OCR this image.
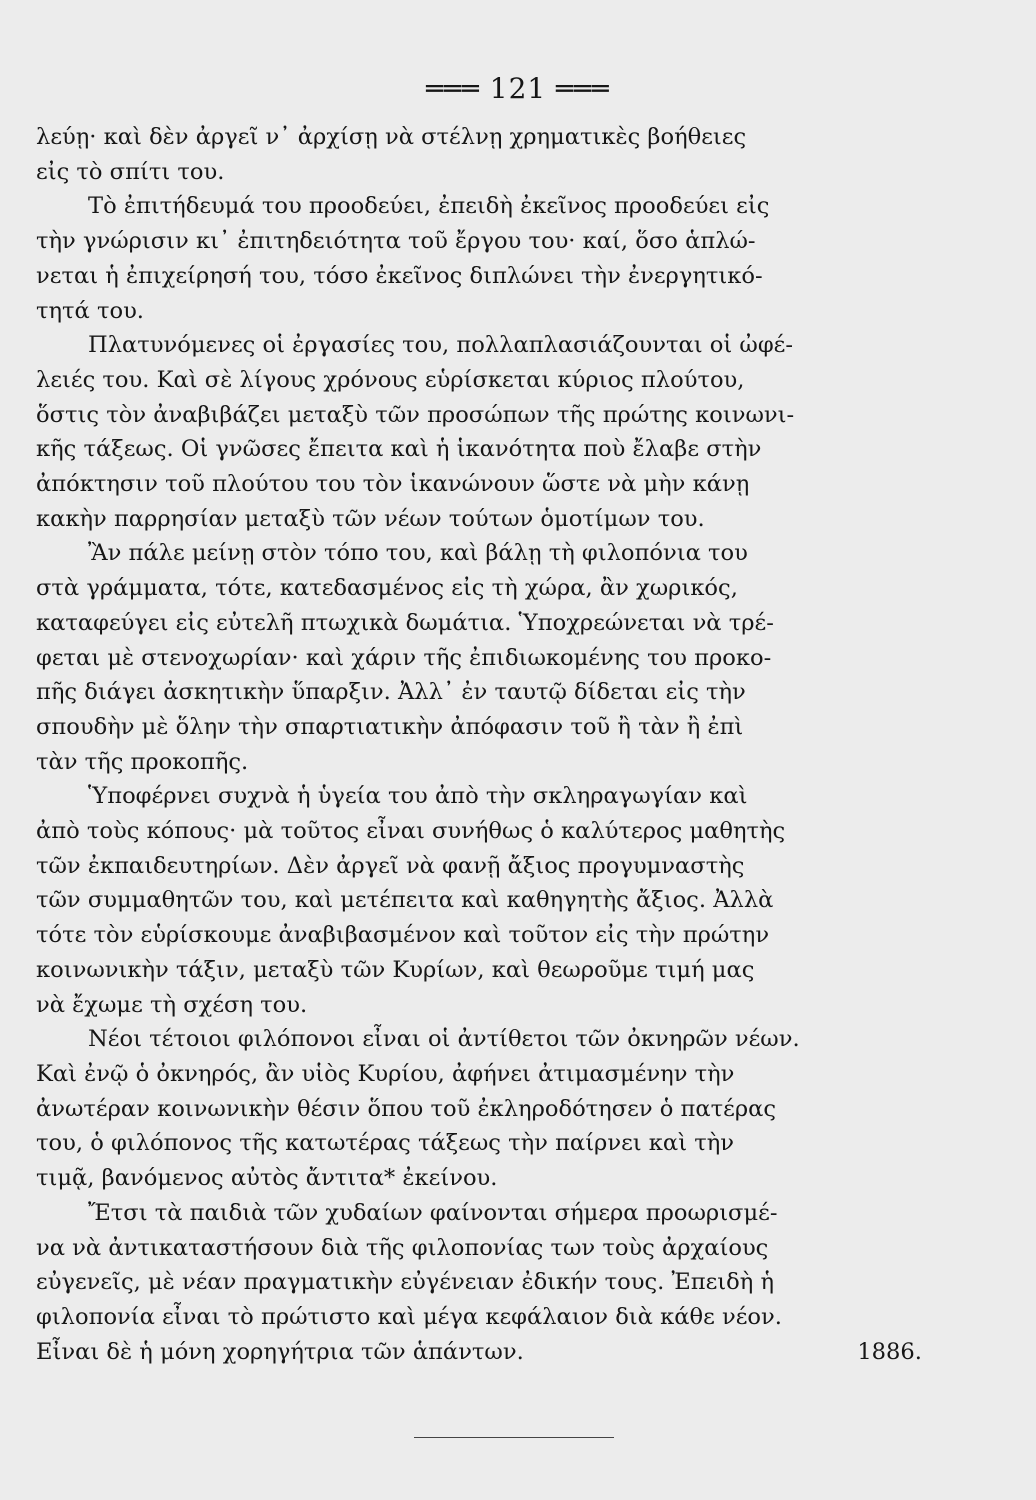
═══ 121 ═══
λεύῃ· καὶ δὲν ἀργεῖ ν᾿ ἀρχίσῃ νὰ στέλνῃ χρηματικὲς βοήθειες
εἰς τὸ σπίτι του.
Τὸ ἐπιτήδευμά του προοδεύει, ἐπειδὴ ἐκεῖνος προοδεύει εἰς
τὴν γνώρισιν κι᾿ ἐπιτηδειότητα τοῦ ἔργου του· καί, ὅσο ἁπλώ-
νεται ἡ ἐπιχείρησή του, τόσο ἐκεῖνος διπλώνει τὴν ἐνεργητικό-
τητά του.
Πλατυνόμενες οἱ ἐργασίες του, πολλαπλασιάζουνται οἱ ὠφέ-
λειές του. Καὶ σὲ λίγους χρόνους εὑρίσκεται κύριος πλούτου,
ὅστις τὸν ἀναβιβάζει μεταξὺ τῶν προσώπων τῆς πρώτης κοινωνι-
κῆς τάξεως. Οἱ γνῶσες ἔπειτα καὶ ἡ ἱκανότητα ποὺ ἔλαβε στὴν
ἀπόκτησιν τοῦ πλούτου του τὸν ἱκανώνουν ὥστε νὰ μὴν κάνῃ
κακὴν παρρησίαν μεταξὺ τῶν νέων τούτων ὁμοτίμων του.
Ἂν πάλε μείνῃ στὸν τόπο του, καὶ βάλῃ τὴ φιλοπόνια του
στὰ γράμματα, τότε, κατεδασμένος εἰς τὴ χώρα, ἂν χωρικός,
καταφεύγει εἰς εὐτελῆ πτωχικὰ δωμάτια. Ὑποχρεώνεται νὰ τρέ-
φεται μὲ στενοχωρίαν· καὶ χάριν τῆς ἐπιδιωκομένης του προκο-
πῆς διάγει ἀσκητικὴν ὕπαρξιν. Ἀλλ᾿ ἐν ταυτῷ δίδεται εἰς τὴν
σπουδὴν μὲ ὅλην τὴν σπαρτιατικὴν ἀπόφασιν τοῦ ἢ τὰν ἢ ἐπὶ
τὰν τῆς προκοπῆς.
Ὑποφέρνει συχνὰ ἡ ὑγεία του ἀπὸ τὴν σκληραγωγίαν καὶ
ἀπὸ τοὺς κόπους· μὰ τοῦτος εἶναι συνήθως ὁ καλύτερος μαθητὴς
τῶν ἐκπαιδευτηρίων. Δὲν ἀργεῖ νὰ φανῇ ἄξιος προγυμναστὴς
τῶν συμμαθητῶν του, καὶ μετέπειτα καὶ καθηγητὴς ἄξιος. Ἀλλὰ
τότε τὸν εὑρίσκουμε ἀναβιβασμένον καὶ τοῦτον εἰς τὴν πρώτην
κοινωνικὴν τάξιν, μεταξὺ τῶν Κυρίων, καὶ θεωροῦμε τιμή μας
νὰ ἔχωμε τὴ σχέση του.
Νέοι τέτοιοι φιλόπονοι εἶναι οἱ ἀντίθετοι τῶν ὀκνηρῶν νέων.
Καὶ ἐνῷ ὁ ὀκνηρός, ἂν υἱὸς Κυρίου, ἀφήνει ἀτιμασμένην τὴν
ἀνωτέραν κοινωνικὴν θέσιν ὅπου τοῦ ἐκληροδότησεν ὁ πατέρας
του, ὁ φιλόπονος τῆς κατωτέρας τάξεως τὴν παίρνει καὶ τὴν
τιμᾷ, βανόμενος αὐτὸς ἄντιτα* ἐκείνου.
Ἔτσι τὰ παιδιὰ τῶν χυδαίων φαίνονται σήμερα προωρισμέ-
να νὰ ἀντικαταστήσουν διὰ τῆς φιλοπονίας των τοὺς ἀρχαίους
εὐγενεῖς, μὲ νέαν πραγματικὴν εὐγένειαν ἐδικήν τους. Ἐπειδὴ ἡ
φιλοπονία εἶναι τὸ πρώτιστο καὶ μέγα κεφάλαιον διὰ κάθε νέον.
Εἶναι δὲ ἡ μόνη χορηγήτρια τῶν ἁπάντων.	1886.
